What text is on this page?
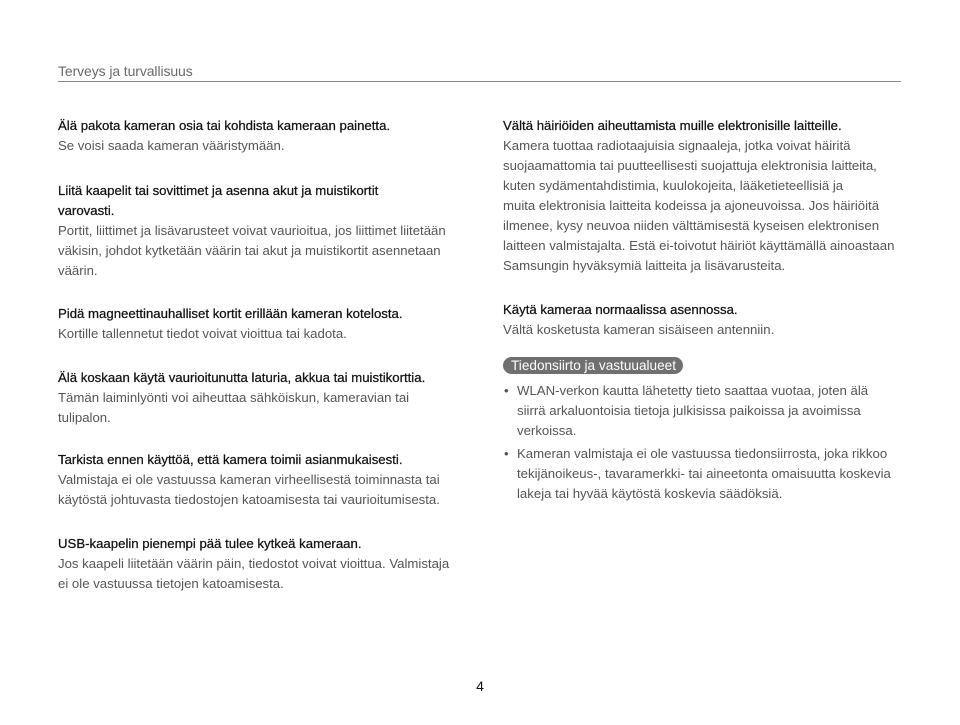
Terveys ja turvallisuus

Älä pakota kameran osia tai kohdista kameraan painetta.

Se voisi saada kameran vääristymään.

Liitä kaapelit tai sovittimet ja asenna akut ja muistikortit

varovasti.

Portit, liittimet ja lisävarusteet voivat vaurioitua, jos liittimet liitetään

väkisin, johdot kytketään väärin tai akut ja muistikortit asennetaan

väärin.

Pidä magneettinauhalliset kortit erillään kameran kotelosta.

Kortille tallennetut tiedot voivat vioittua tai kadota.

Älä koskaan käytä vaurioitunutta laturia, akkua tai muistikorttia.

Tämän laiminlyönti voi aiheuttaa sähköiskun, kameravian tai

tulipalon.

Tarkista ennen käyttöä, että kamera toimii asianmukaisesti.

Valmistaja ei ole vastuussa kameran virheellisestä toiminnasta tai

käytöstä johtuvasta tiedostojen katoamisesta tai vaurioitumisesta.

USB-kaapelin pienempi pää tulee kytkeä kameraan.

Jos kaapeli liitetään väärin päin, tiedostot voivat vioittua. Valmistaja

ei ole vastuussa tietojen katoamisesta.

Vältä häiriöiden aiheuttamista muille elektronisille laitteille.

Kamera tuottaa radiotaajuisia signaaleja, jotka voivat häiritä

suojaamattomia tai puutteellisesti suojattuja elektronisia laitteita,

kuten sydämentahdistimia, kuulokojeita, lääketieteellisiä ja

muita elektronisia laitteita kodeissa ja ajoneuvoissa. Jos häiriöitä

ilmenee, kysy neuvoa niiden välttämisestä kyseisen elektronisen

laitteen valmistajalta. Estä ei-toivotut häiriöt käyttämällä ainoastaan

Samsungin hyväksymiä laitteita ja lisävarusteita.

Käytä kameraa normaalissa asennossa.

Vältä kosketusta kameran sisäiseen antenniin.

Tiedonsiirto ja vastuualueet
• WLAN-verkon kautta lähetetty tieto saattaa vuotaa, joten älä
siirrä arkaluontoisia tietoja julkisissa paikoissa ja avoimissa
verkoissa.
• Kameran valmistaja ei ole vastuussa tiedonsiirrosta, joka rikkoo
tekijänoikeus-, tavaramerkki- tai aineetonta omaisuutta koskevia
lakeja tai hyvää käytöstä koskevia säädöksiä.
4
